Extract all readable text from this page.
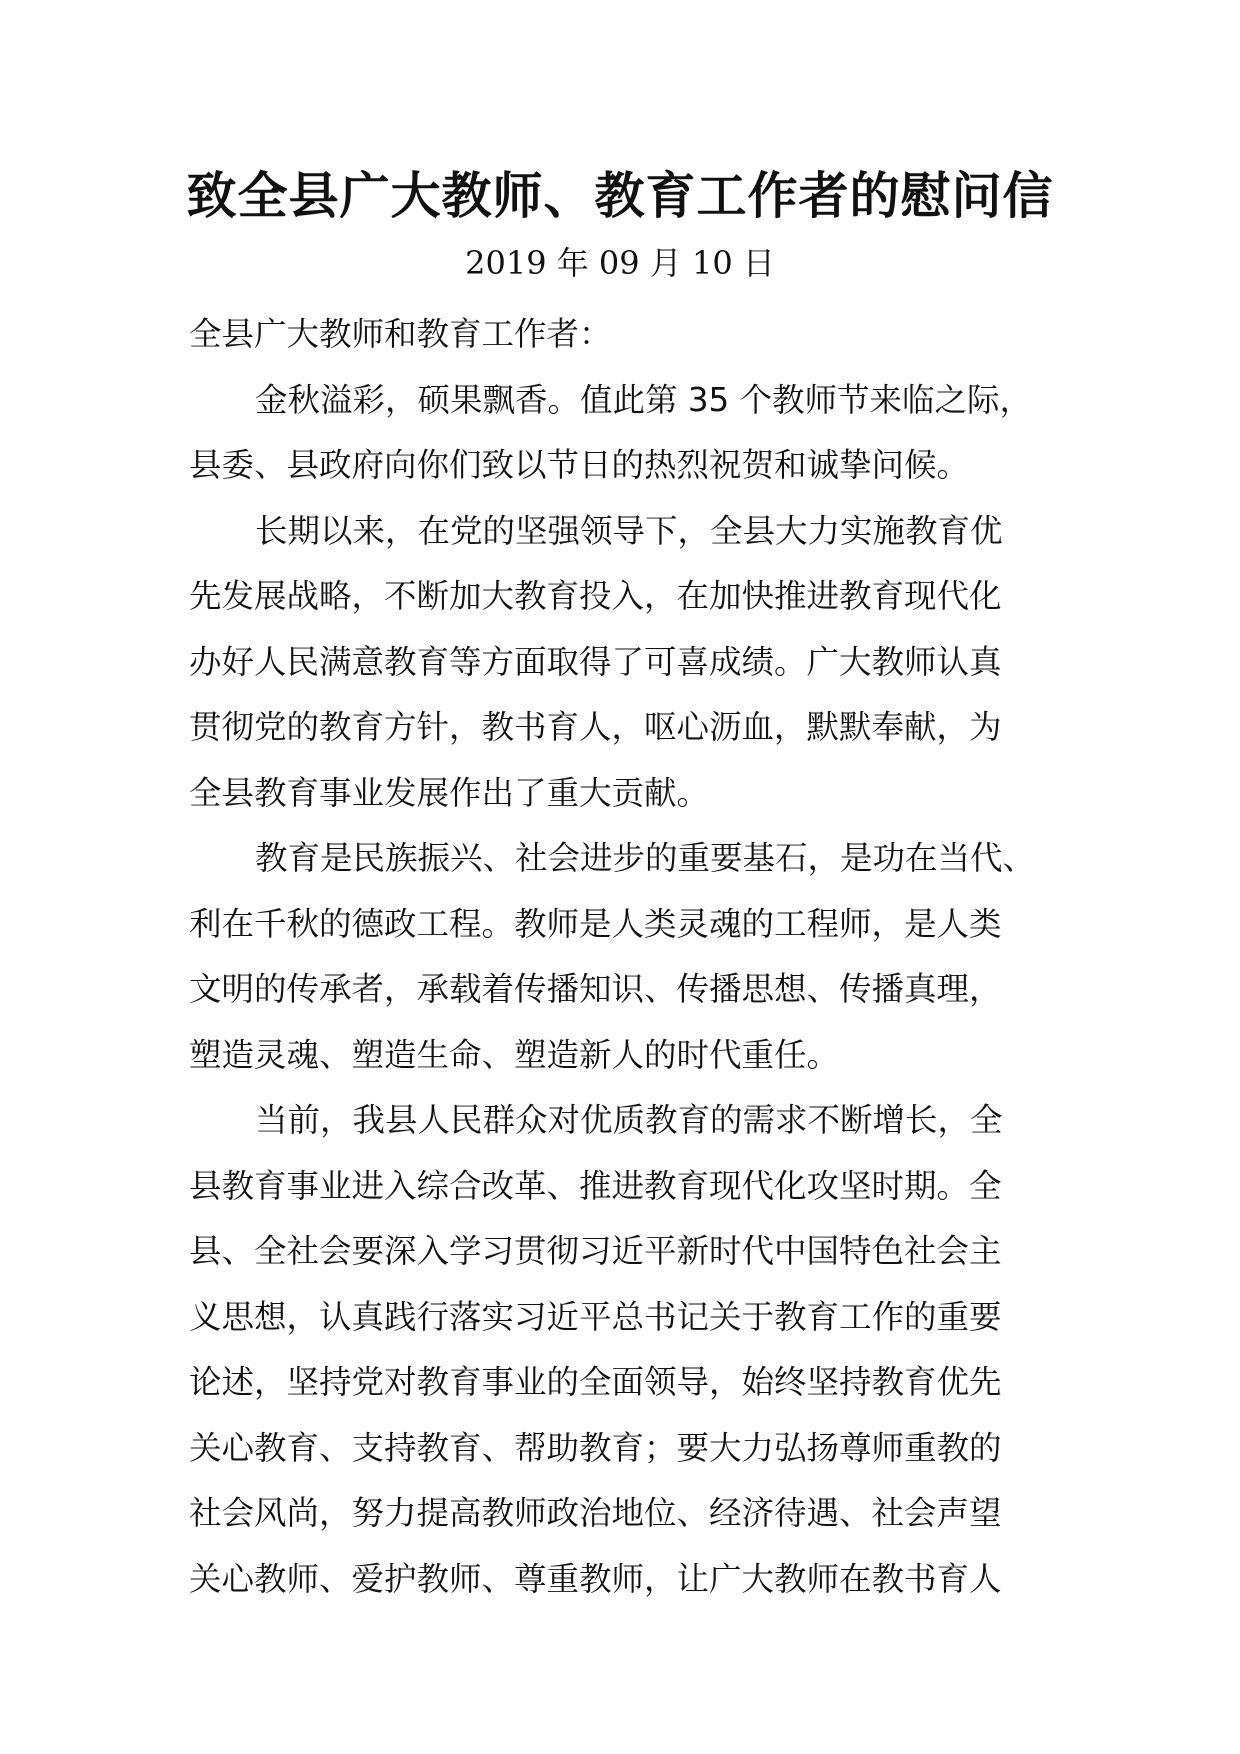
致全县广大教师、教育工作者的慰问信
2019 年 09 月 10 日
全县广大教师和教育工作者：
金秋溢彩，硕果飘香。值此第 35 个教师节来临之际，
县委、县政府向你们致以节日的热烈祝贺和诚挚问候。
长期以来，在党的坚强领导下，全县大力实施教育优
先发展战略，不断加大教育投入，在加快推进教育现代化
办好人民满意教育等方面取得了可喜成绩。广大教师认真
贯彻党的教育方针，教书育人，呕心沥血，默默奉献，为
全县教育事业发展作出了重大贡献。
教育是民族振兴、社会进步的重要基石，是功在当代、
利在千秋的德政工程。教师是人类灵魂的工程师，是人类
文明的传承者，承载着传播知识、传播思想、传播真理，
塑造灵魂、塑造生命、塑造新人的时代重任。
当前，我县人民群众对优质教育的需求不断增长，全
县教育事业进入综合改革、推进教育现代化攻坚时期。全
县、全社会要深入学习贯彻习近平新时代中国特色社会主
义思想，认真践行落实习近平总书记关于教育工作的重要
论述，坚持党对教育事业的全面领导，始终坚持教育优先
关心教育、支持教育、帮助教育；要大力弘扬尊师重教的
社会风尚，努力提高教师政治地位、经济待遇、社会声望
关心教师、爱护教师、尊重教师，让广大教师在教书育人
